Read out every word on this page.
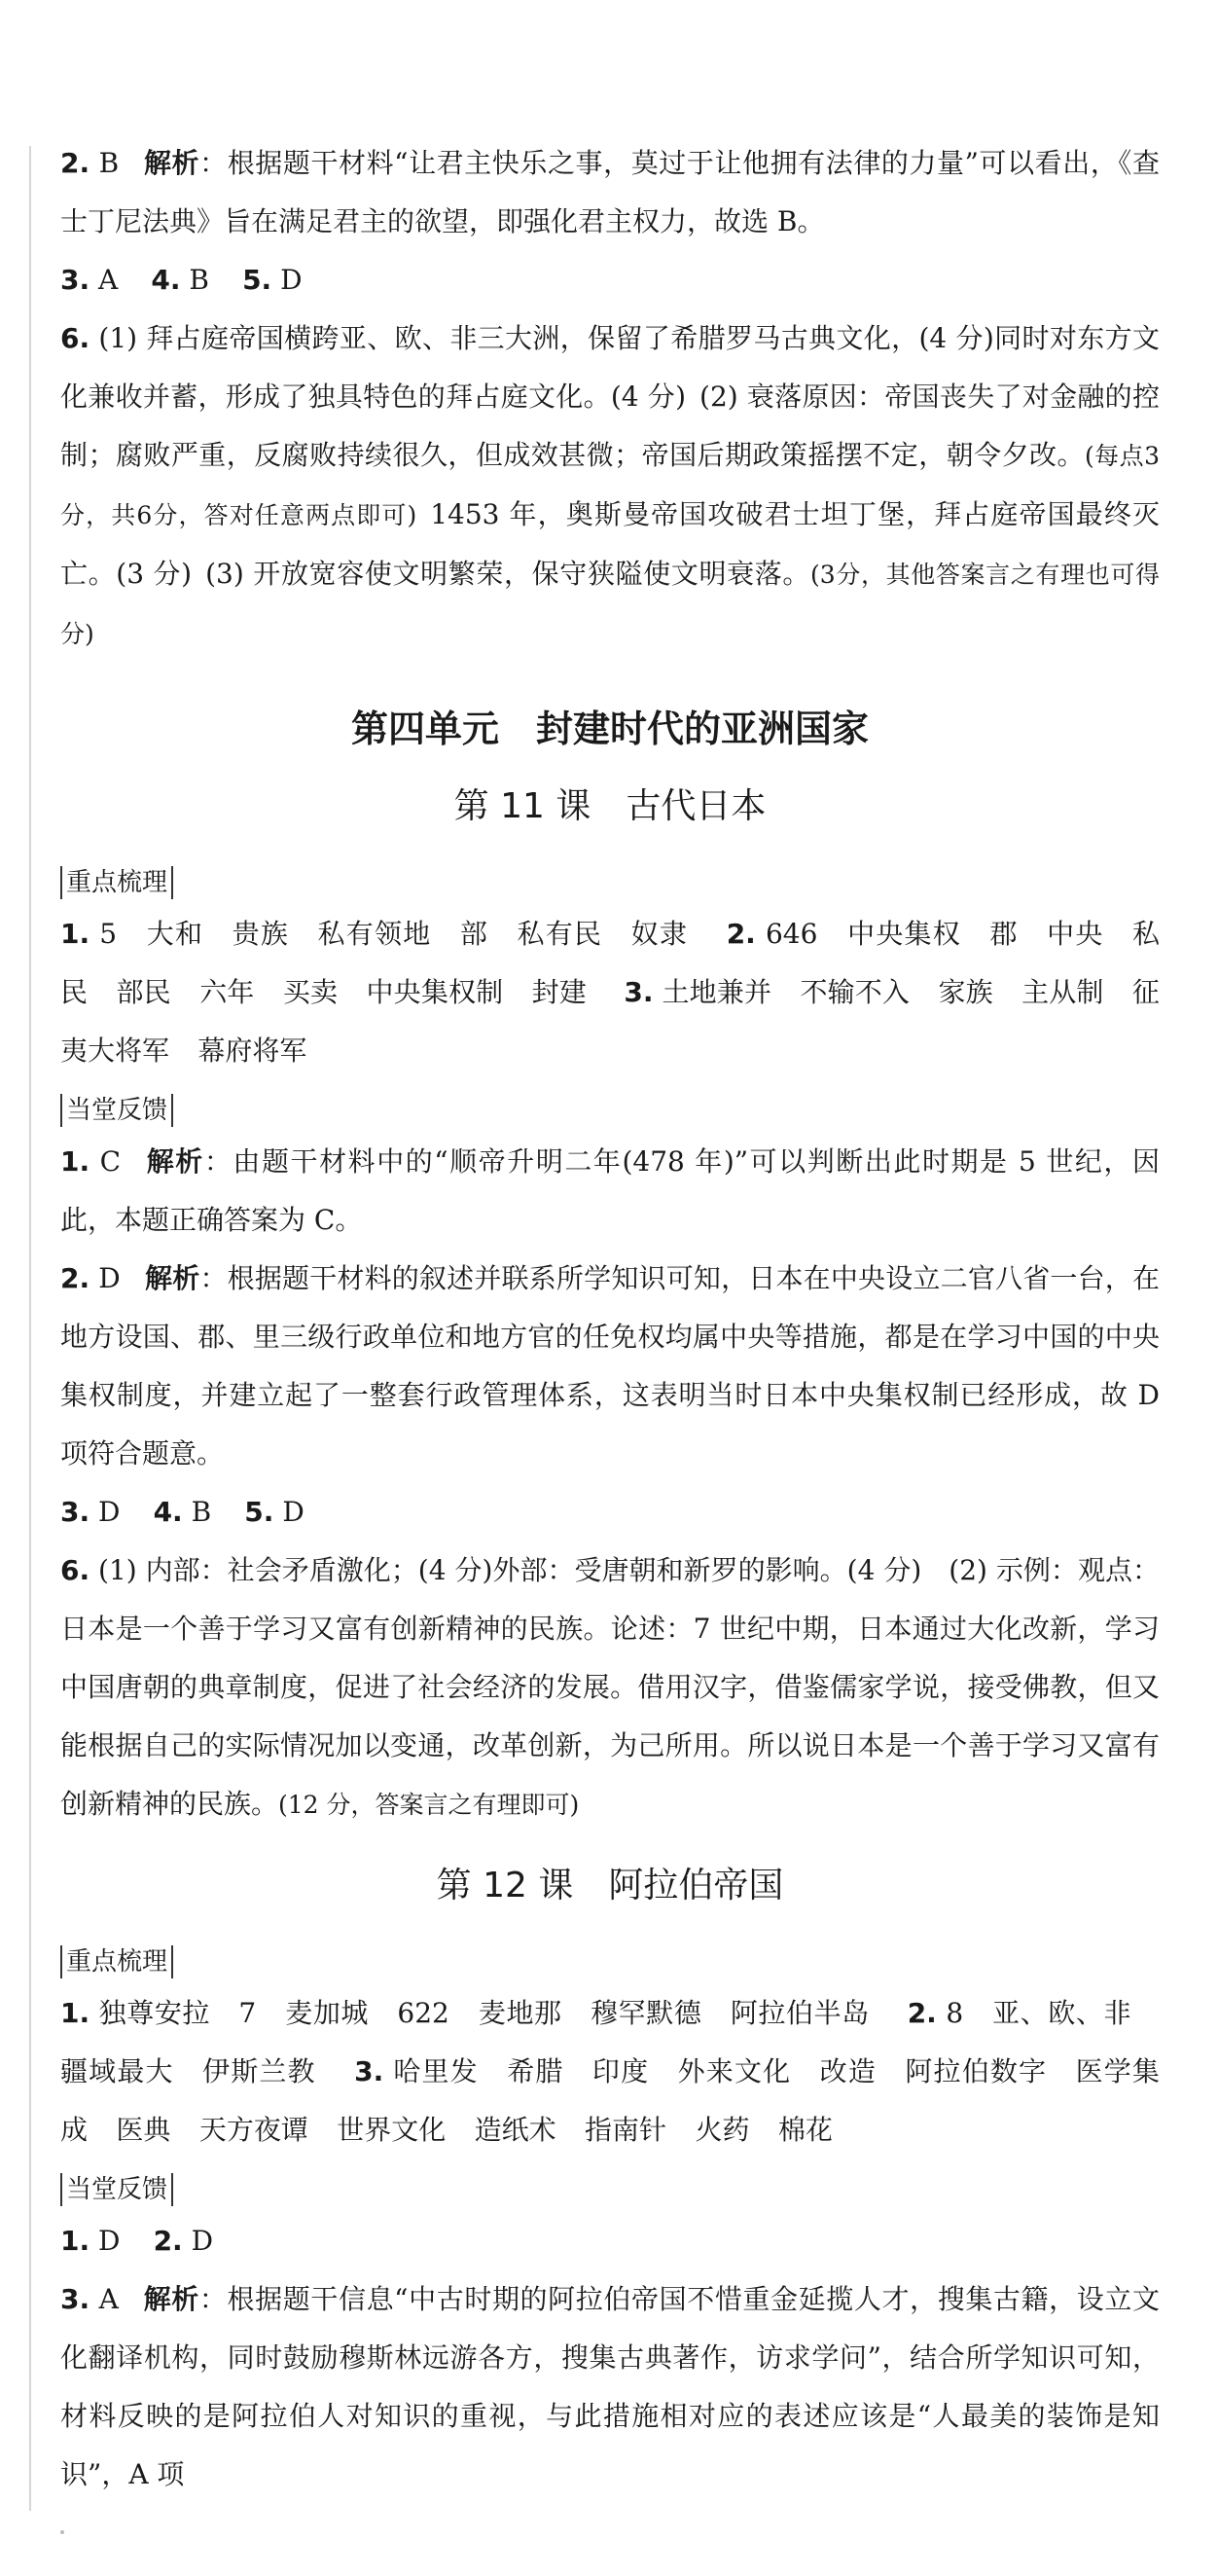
2. B 解析：根据题干材料“让君主快乐之事，莫过于让他拥有法律的力量”可以看出，《查士丁尼法典》旨在满足君主的欲望，即强化君主权力，故选 B。

3. A 4. B 5. D

6. (1) 拜占庭帝国横跨亚、欧、非三大洲，保留了希腊罗马古典文化，(4 分)同时对东方文化兼收并蓄，形成了独具特色的拜占庭文化。(4 分) (2) 衰落原因：帝国丧失了对金融的控制；腐败严重，反腐败持续很久，但成效甚微；帝国后期政策摇摆不定，朝令夕改。(每点3分，共6分，答对任意两点即可) 1453 年，奥斯曼帝国攻破君士坦丁堡，拜占庭帝国最终灭亡。(3 分) (3) 开放宽容使文明繁荣，保守狭隘使文明衰落。(3分，其他答案言之有理也可得分)

第四单元　封建时代的亚洲国家
第 11 课　古代日本
重点梳理

1. 5 大和 贵族 私有领地 部 私有民 奴隶 2. 646 中央集权 郡 中央 私民 部民 六年 买卖 中央集权制 封建 3. 土地兼并 不输不入 家族 主从制 征夷大将军 幕府将军

当堂反馈

1. C 解析：由题干材料中的“顺帝升明二年(478 年)”可以判断出此时期是 5 世纪，因此，本题正确答案为 C。

2. D 解析：根据题干材料的叙述并联系所学知识可知，日本在中央设立二官八省一台，在地方设国、郡、里三级行政单位和地方官的任免权均属中央等措施，都是在学习中国的中央集权制度，并建立起了一整套行政管理体系，这表明当时日本中央集权制已经形成，故 D 项符合题意。

3. D 4. B 5. D

6. (1) 内部：社会矛盾激化；(4 分)外部：受唐朝和新罗的影响。(4 分)　(2) 示例：观点：日本是一个善于学习又富有创新精神的民族。论述：7 世纪中期，日本通过大化改新，学习中国唐朝的典章制度，促进了社会经济的发展。借用汉字，借鉴儒家学说，接受佛教，但又能根据自己的实际情况加以变通，改革创新，为己所用。所以说日本是一个善于学习又富有创新精神的民族。(12 分，答案言之有理即可)

第 12 课　阿拉伯帝国
重点梳理

1. 独尊安拉 7 麦加城 622 麦地那 穆罕默德 阿拉伯半岛 2. 8 亚、欧、非疆域最大 伊斯兰教 3. 哈里发 希腊 印度 外来文化 改造 阿拉伯数字 医学集成 医典 天方夜谭 世界文化 造纸术 指南针 火药 棉花

当堂反馈

1. D 2. D

3. A 解析：根据题干信息“中古时期的阿拉伯帝国不惜重金延揽人才，搜集古籍，设立文化翻译机构，同时鼓励穆斯林远游各方，搜集古典著作，访求学问”，结合所学知识可知，材料反映的是阿拉伯人对知识的重视，与此措施相对应的表述应该是“人最美的装饰是知识”，A 项
